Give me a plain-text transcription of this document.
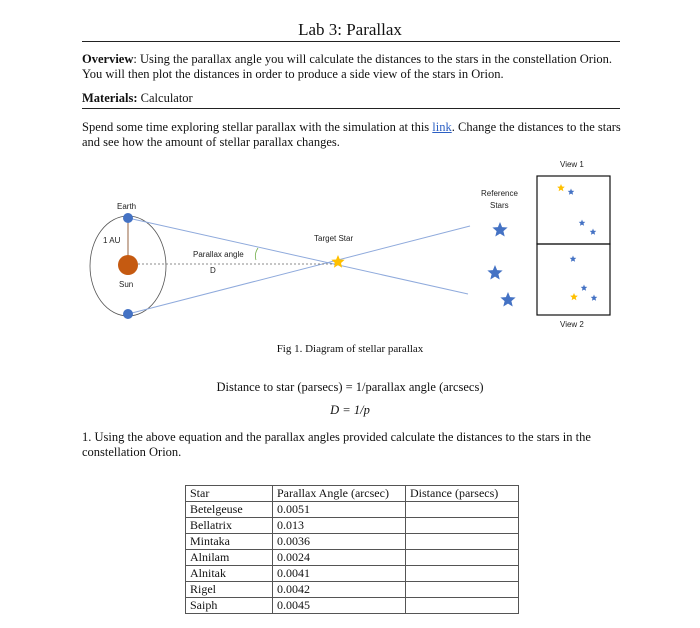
Lab 3: Parallax
Overview: Using the parallax angle you will calculate the distances to the stars in the constellation Orion. You will then plot the distances in order to produce a side view of the stars in Orion.
Materials: Calculator
Spend some time exploring stellar parallax with the simulation at this link. Change the distances to the stars and see how the amount of stellar parallax changes.
Earth
1 AU
Sun
Parallax angle
D
Target Star
Reference
Stars
View 1
View 2
Fig 1. Diagram of stellar parallax
Distance to star (parsecs) = 1/parallax angle (arcsecs)
D = 1/p
1. Using the above equation and the parallax angles provided calculate the distances to the stars in the constellation Orion.
Star	Parallax Angle (arcsec)	Distance (parsecs)
Betelgeuse	0.0051	
Bellatrix	0.013	
Mintaka	0.0036	
Alnilam	0.0024	
Alnitak	0.0041	
Rigel	0.0042	
Saiph	0.0045	
